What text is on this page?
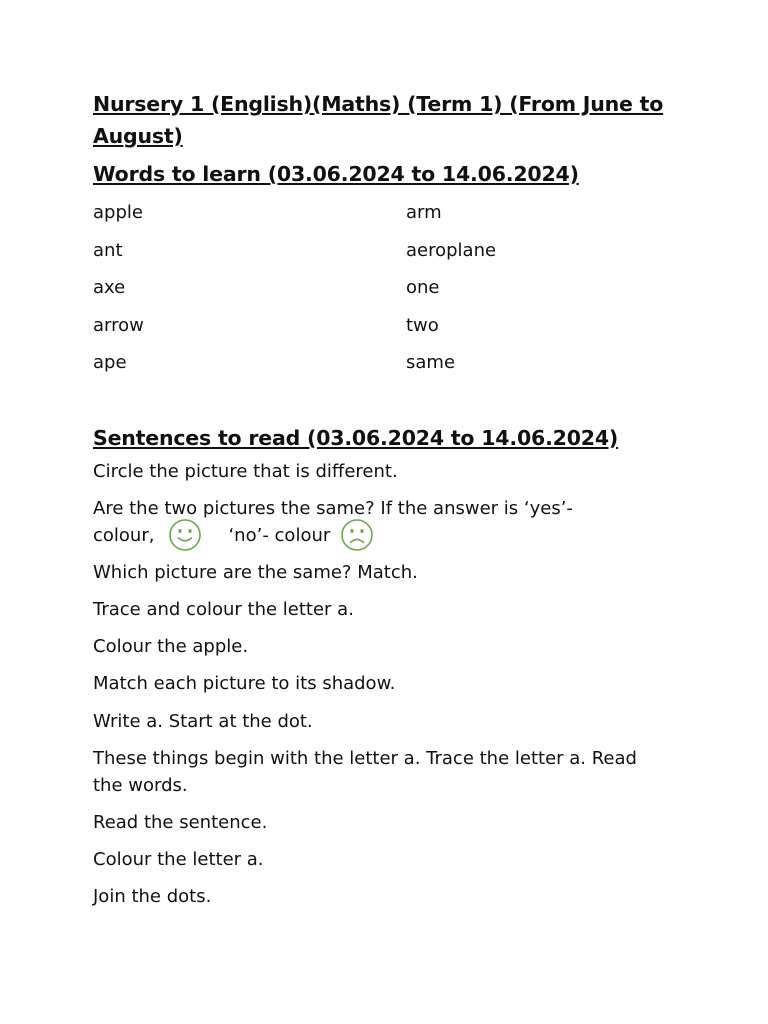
Nursery 1 (English)(Maths) (Term 1) (From June to August)
Words to learn (03.06.2024 to 14.06.2024)
apple	arm
ant	aeroplane
axe	one
arrow	two
ape	same
Sentences to read (03.06.2024 to 14.06.2024)

Circle the picture that is different.

Are the two pictures the same? If the answer is ‘yes’-

colour,	‘no’- colour

Which picture are the same? Match.

Trace and colour the letter a.

Colour the apple.

Match each picture to its shadow.

Write a. Start at the dot.

These things begin with the letter a. Trace the letter a. Read the words.

Read the sentence.

Colour the letter a.

Join the dots.
